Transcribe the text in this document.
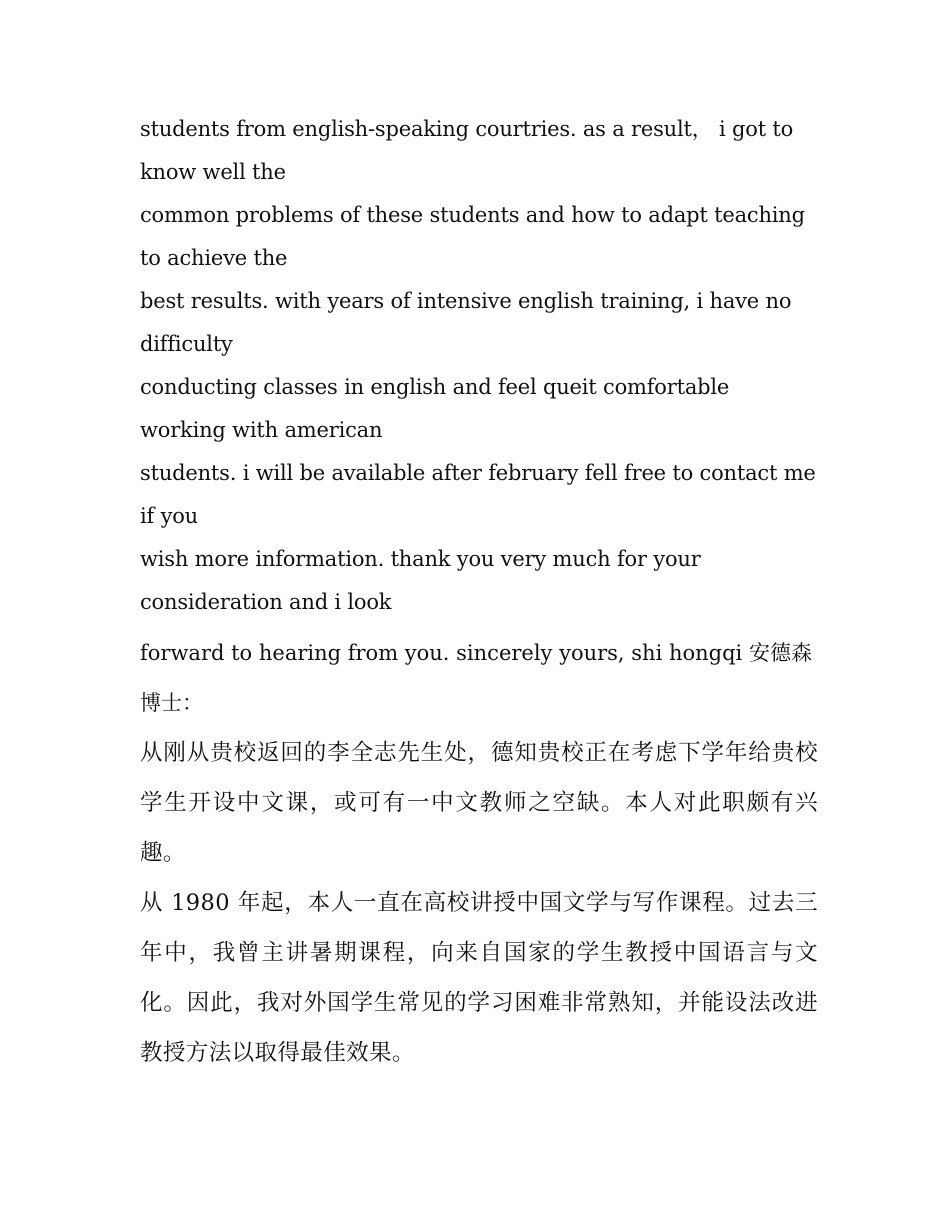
students from english-speaking courtries. as a result， i got to know well the

common problems of these students and how to adapt teaching to achieve the

best results. with years of intensive english training, i have no difficulty

conducting classes in english and feel queit comfortable working with american

students. i will be available after february fell free to contact me if you

wish more information. thank you very much for your consideration and i look

forward to hearing from you. sincerely yours, shi hongqi 安德森博士：

从刚从贵校返回的李全志先生处，德知贵校正在考虑下学年给贵校学生开设中文课，或可有一中文教师之空缺。本人对此职颇有兴趣。

从 1980 年起，本人一直在高校讲授中国文学与写作课程。过去三年中，我曾主讲暑期课程，向来自国家的学生教授中国语言与文化。因此，我对外国学生常见的学习困难非常熟知，并能设法改进教授方法以取得最佳效果。
